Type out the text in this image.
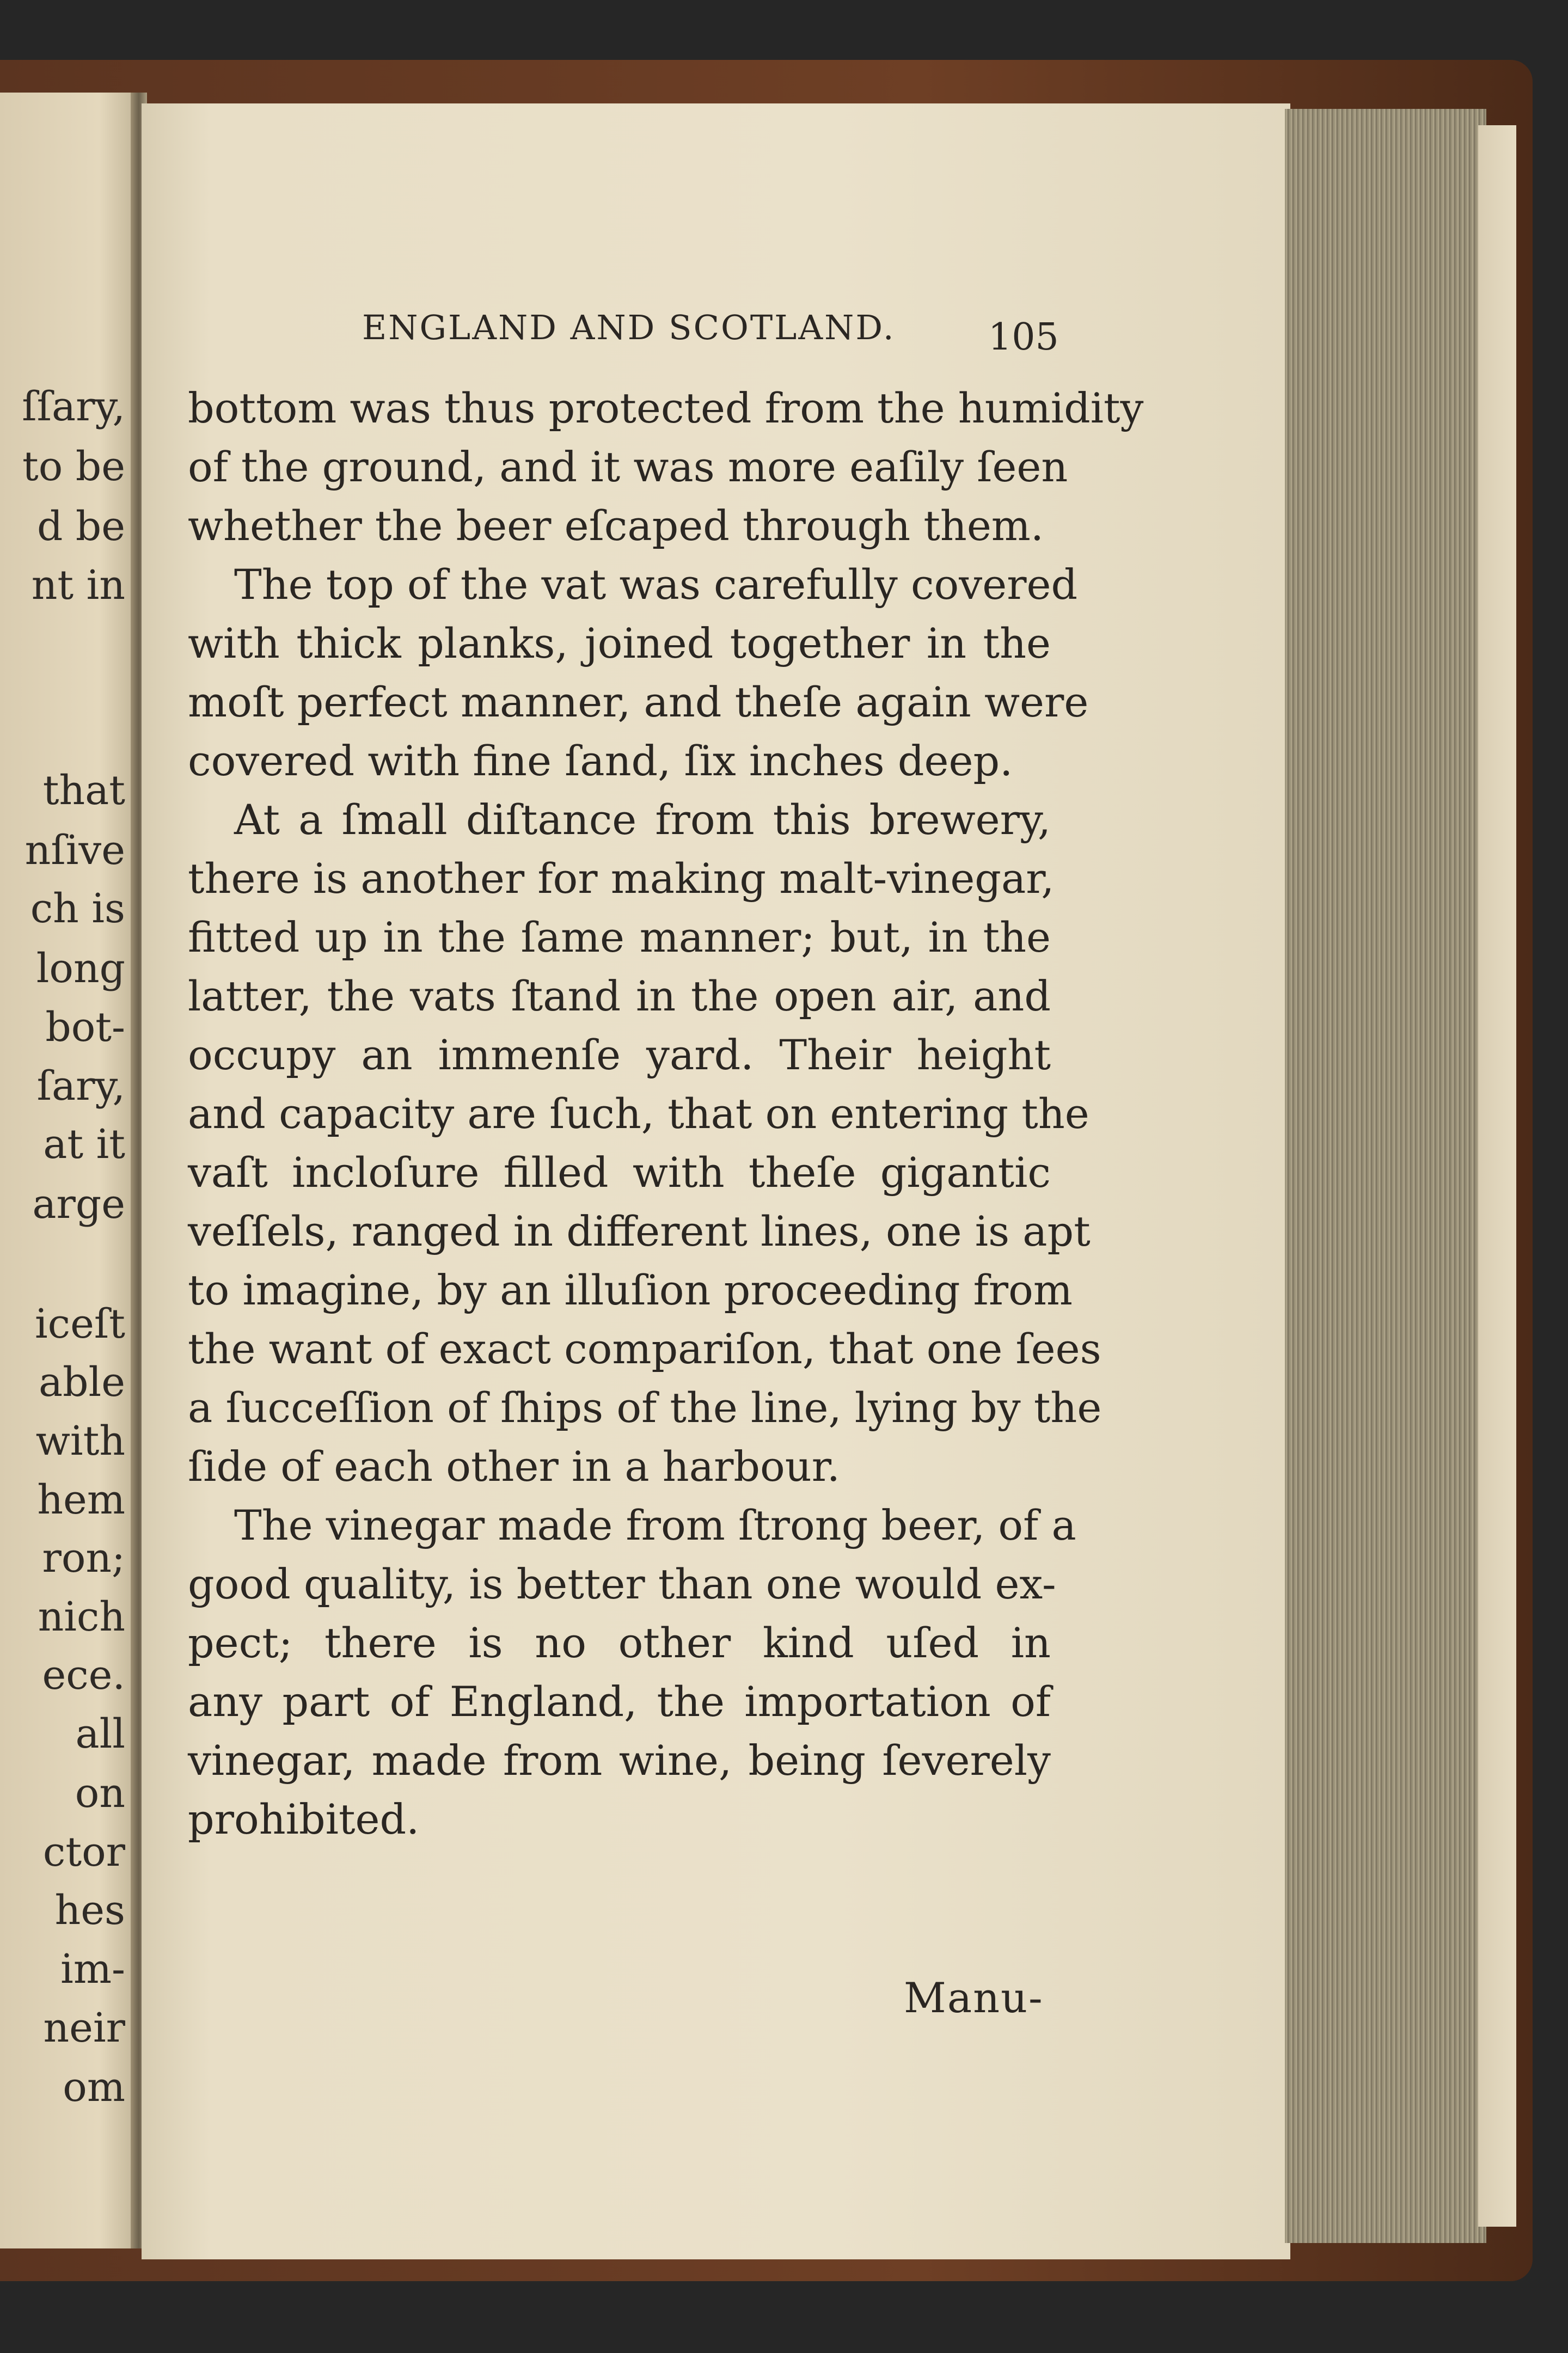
ſſary,
to be
d be
nt in
that
nſive
ch is
long
bot-
ſary,
at it
arge
iceſt
able
with
hem
ron;
nich
ece.
all
on
ctor
hes
im-
neir
om
ENGLAND AND SCOTLAND.	105
bottom was thus protected from the humidity
of the ground, and it was more eaſily ſeen
whether the beer eſcaped through them.
The top of the vat was carefully covered
with thick planks, joined together in the
moſt perfect manner, and theſe again were
covered with fine ſand, ſix inches deep.
At a ſmall diſtance from this brewery,
there is another for making malt-vinegar,
fitted up in the ſame manner; but, in the
latter, the vats ſtand in the open air, and
occupy an immenſe yard. Their height
and capacity are ſuch, that on entering the
vaſt incloſure filled with theſe gigantic
veſſels, ranged in different lines, one is apt
to imagine, by an illuſion proceeding from
the want of exact compariſon, that one ſees
a ſucceſſion of ſhips of the line, lying by the
ſide of each other in a harbour.
The vinegar made from ſtrong beer, of a
good quality, is better than one would ex-
pect; there is no other kind uſed in
any part of England, the importation of
vinegar, made from wine, being ſeverely
prohibited.
Manu-
